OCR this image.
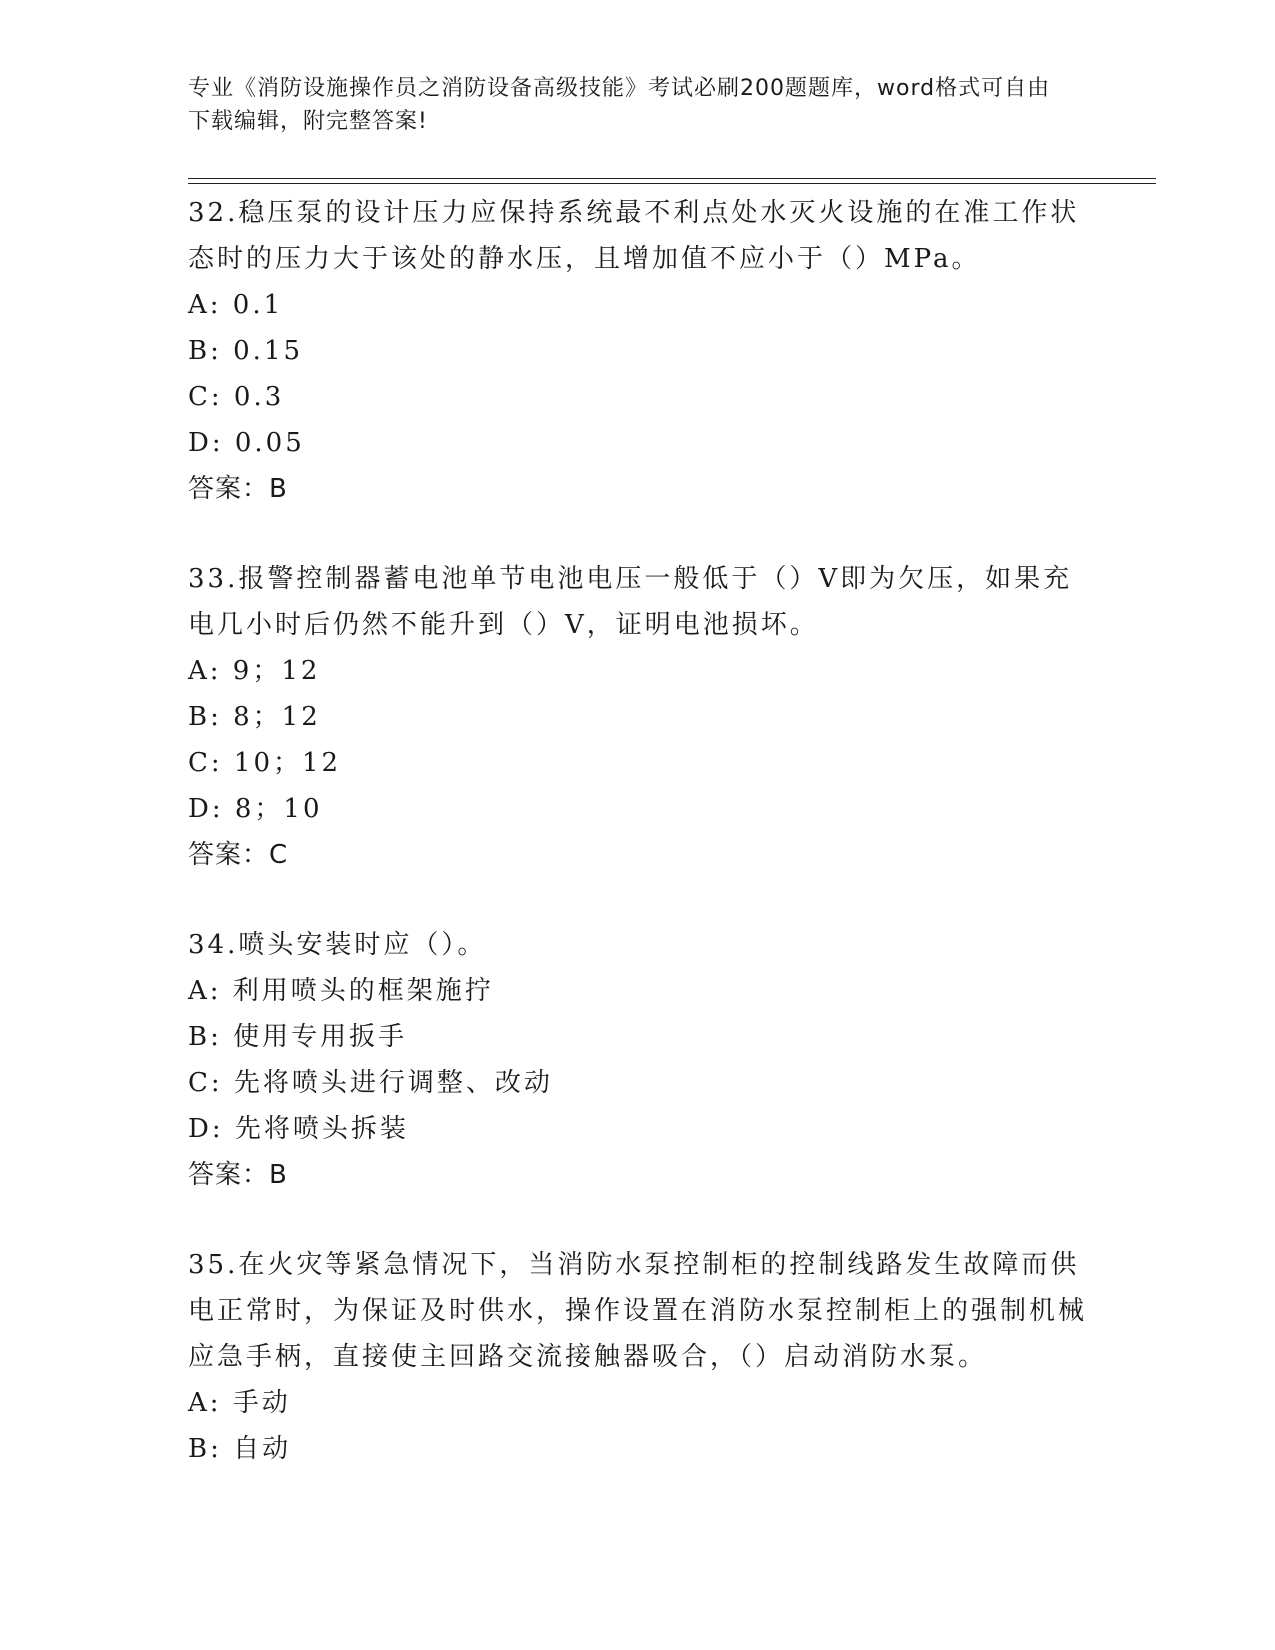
专业《消防设施操作员之消防设备高级技能》考试必刷200题题库，word格式可自由下载编辑，附完整答案!
32.稳压泵的设计压力应保持系统最不利点处水灭火设施的在准工作状态时的压力大于该处的静水压，且增加值不应小于（）MPa。
A: 0.1
B: 0.15
C: 0.3
D: 0.05
答案：B
33.报警控制器蓄电池单节电池电压一般低于（）V即为欠压，如果充电几小时后仍然不能升到（）V，证明电池损坏。
A: 9；12
B: 8；12
C: 10；12
D: 8；10
答案：C
34.喷头安装时应（）。
A: 利用喷头的框架施拧
B: 使用专用扳手
C: 先将喷头进行调整、改动
D: 先将喷头拆装
答案：B
35.在火灾等紧急情况下，当消防水泵控制柜的控制线路发生故障而供电正常时，为保证及时供水，操作设置在消防水泵控制柜上的强制机械应急手柄，直接使主回路交流接触器吸合，（）启动消防水泵。
A: 手动
B: 自动
